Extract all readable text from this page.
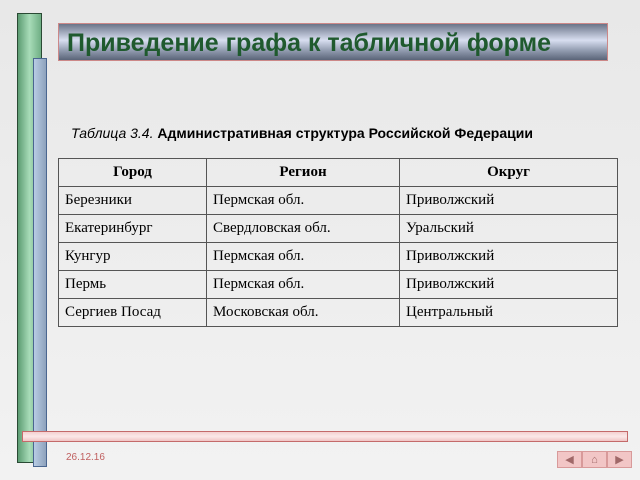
Приведение графа к табличной форме
Таблица 3.4. Административная структура Российской Федерации
Город	Регион	Округ
Березники	Пермская обл.	Приволжский
Екатеринбург	Свердловская обл.	Уральский
Кунгур	Пермская обл.	Приволжский
Пермь	Пермская обл.	Приволжский
Сергиев Посад	Московская обл.	Центральный
26.12.16	◀ ⌂ ▶
